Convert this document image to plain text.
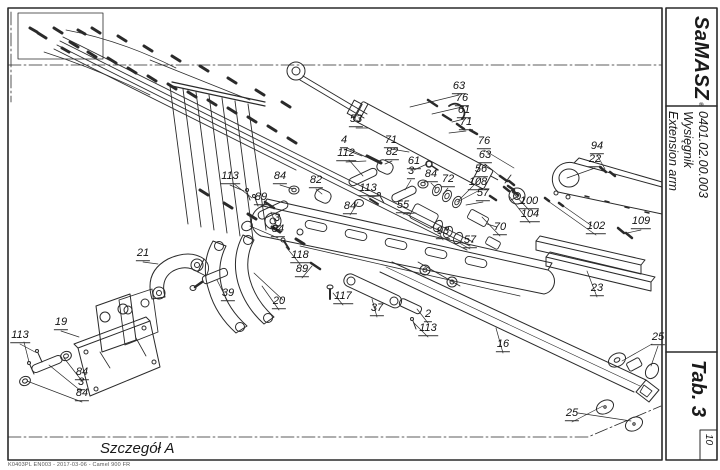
53
63
76
61
71
4
112
71
82
76
63
61
3 84 72
56
108
57
55
93
57
70
94
22
100
104
102 109
23
113	84
89
82
113
84
3
84
118
89
39
20	117
37	2
113
16
21
19
113
84
3
84
25
25
Szczegół A
K0403PL EN003 - 2017-03-06 - Camel 900 FR
SaMASZ
®
0401.02.00.003
Wysięgnik
Extension arm
Tab. 3
10
